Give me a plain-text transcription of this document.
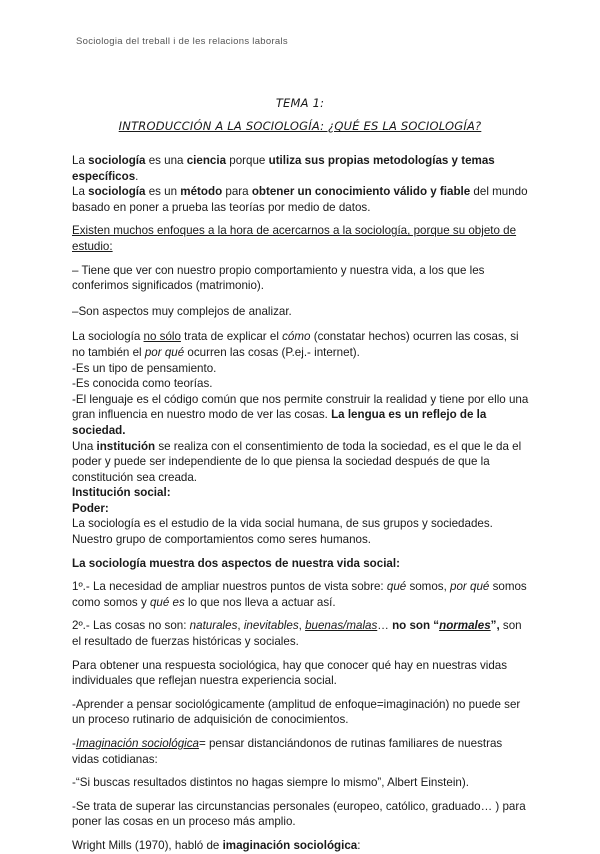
Sociologia del treball i de les relacions laborals
TEMA 1:
INTRODUCCIÓN A LA SOCIOLOGÍA: ¿QUÉ ES LA SOCIOLOGÍA?

La sociología es una ciencia porque utiliza sus propias metodologías y temas específicos.

La sociología es un método para obtener un conocimiento válido y fiable del mundo basado en poner a prueba las teorías por medio de datos.

Existen muchos enfoques a la hora de acercarnos a la sociología, porque su objeto de estudio:

– Tiene que ver con nuestro propio comportamiento y nuestra vida, a los que les conferimos significados (matrimonio).

–Son aspectos muy complejos de analizar.

La sociología no sólo trata de explicar el cómo (constatar hechos) ocurren las cosas, si no también el por qué ocurren las cosas (P.ej.- internet).

-Es un tipo de pensamiento.

-Es conocida como teorías.

-El lenguaje es el código común que nos permite construir la realidad y tiene por ello una gran influencia en nuestro modo de ver las cosas. La lengua es un reflejo de la sociedad.

Una institución se realiza con el consentimiento de toda la sociedad, es el que le da el poder y puede ser independiente de lo que piensa la sociedad después de que la constitución sea creada.

Institución social:

Poder:

La sociología es el estudio de la vida social humana, de sus grupos y sociedades. Nuestro grupo de comportamientos como seres humanos.

La sociología muestra dos aspectos de nuestra vida social:

1º.- La necesidad de ampliar nuestros puntos de vista sobre: qué somos, por qué somos como somos y qué es lo que nos lleva a actuar así.

2º.- Las cosas no son: naturales, inevitables, buenas/malas… no son “normales”, son el resultado de fuerzas históricas y sociales.

Para obtener una respuesta sociológica, hay que conocer qué hay en nuestras vidas individuales que reflejan nuestra experiencia social.

-Aprender a pensar sociológicamente (amplitud de enfoque=imaginación) no puede ser un proceso rutinario de adquisición de conocimientos.

-Imaginación sociológica= pensar distanciándonos de rutinas familiares de nuestras vidas cotidianas:

-“Si buscas resultados distintos no hagas siempre lo mismo”, Albert Einstein).

-Se trata de superar las circunstancias personales (europeo, católico, graduado… ) para poner las cosas en un proceso más amplio.

Wright Mills (1970), habló de imaginación sociológica:
